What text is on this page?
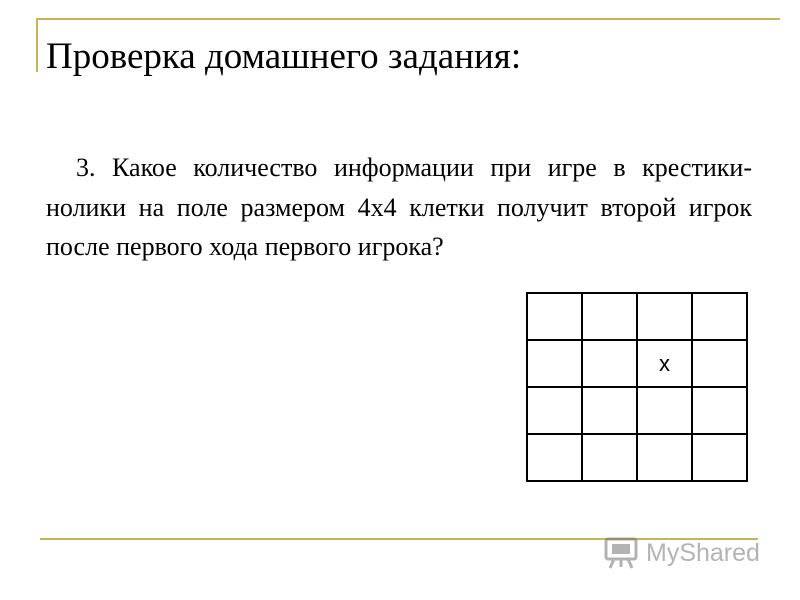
Проверка домашнего задания:

3. Какое количество информации при игре в крестики-нолики на поле размером 4х4 клетки получит второй игрок после первого хода первого игрока?

		x	

MyShared
